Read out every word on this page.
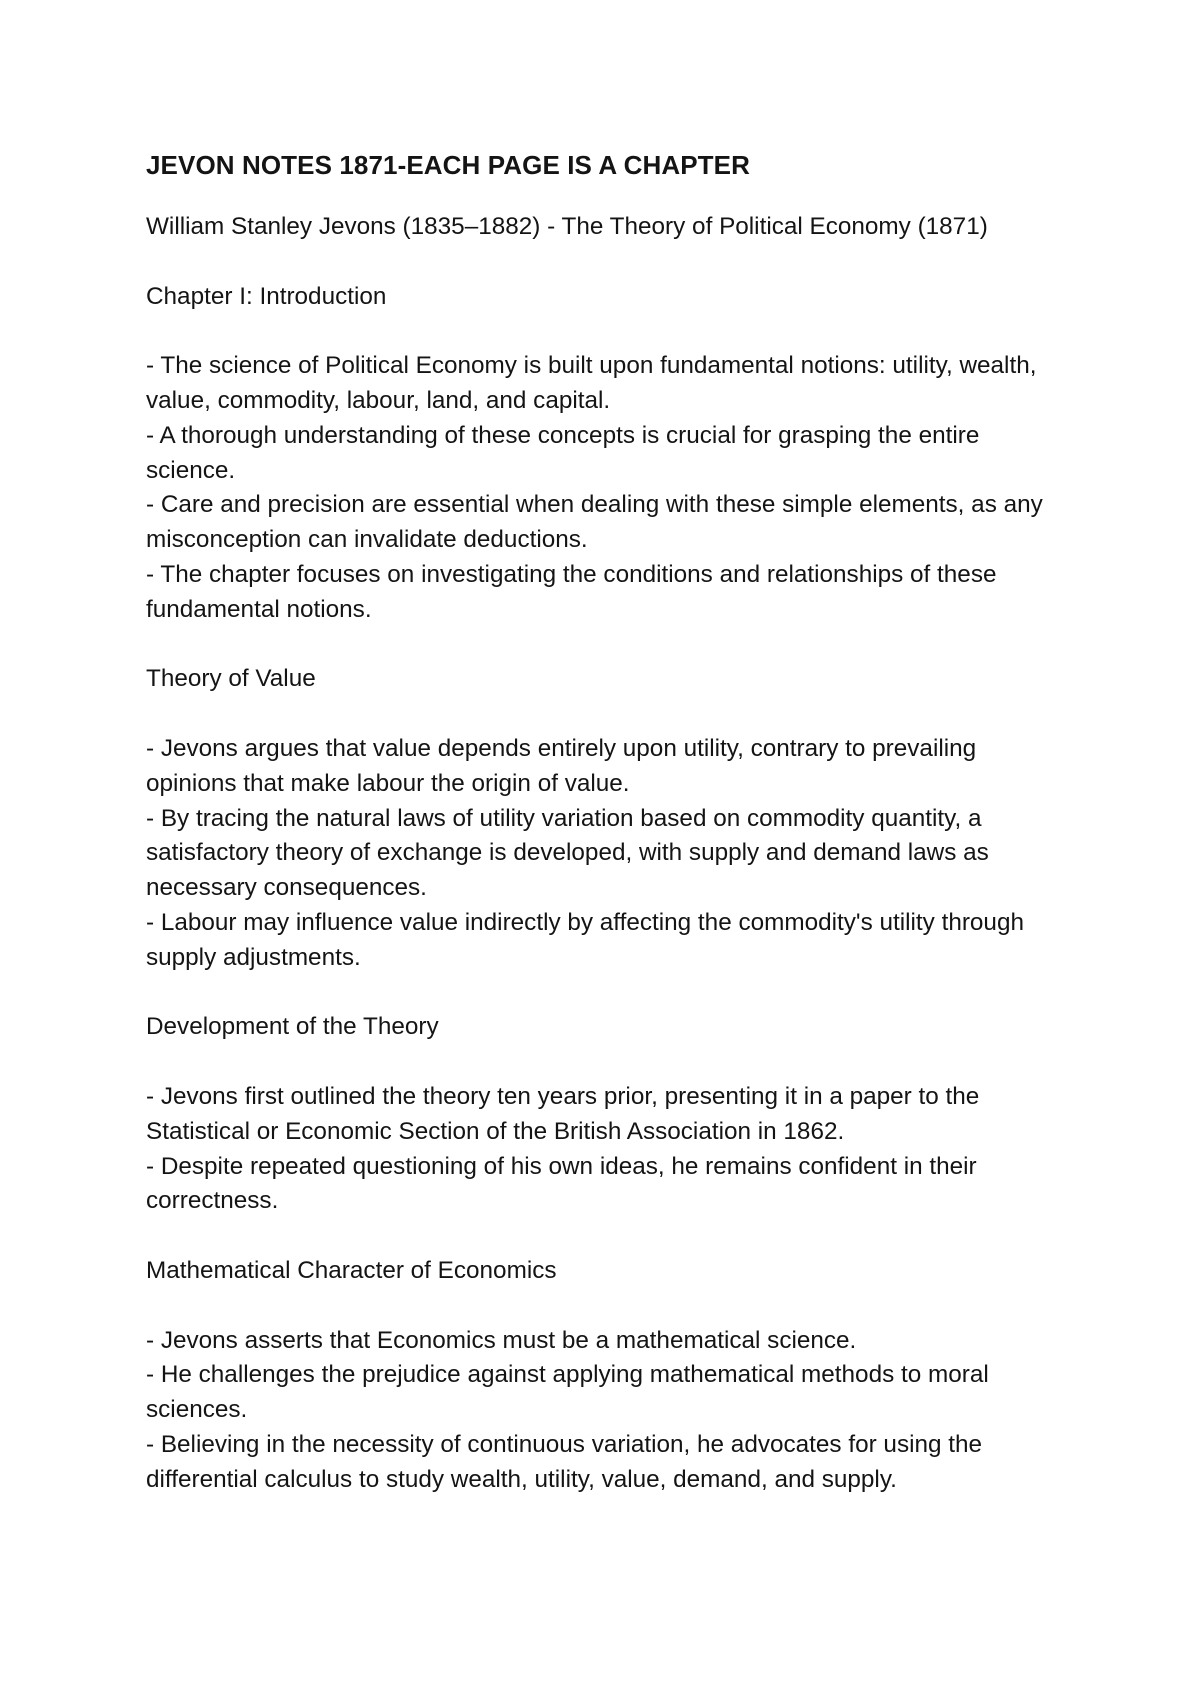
JEVON NOTES 1871-EACH PAGE IS A CHAPTER
William Stanley Jevons (1835–1882) - The Theory of Political Economy (1871)
Chapter I: Introduction
- The science of Political Economy is built upon fundamental notions: utility, wealth, value, commodity, labour, land, and capital.
- A thorough understanding of these concepts is crucial for grasping the entire science.
- Care and precision are essential when dealing with these simple elements, as any misconception can invalidate deductions.
- The chapter focuses on investigating the conditions and relationships of these fundamental notions.
Theory of Value
- Jevons argues that value depends entirely upon utility, contrary to prevailing opinions that make labour the origin of value.
- By tracing the natural laws of utility variation based on commodity quantity, a satisfactory theory of exchange is developed, with supply and demand laws as necessary consequences.
- Labour may influence value indirectly by affecting the commodity's utility through supply adjustments.
Development of the Theory
- Jevons first outlined the theory ten years prior, presenting it in a paper to the Statistical or Economic Section of the British Association in 1862.
- Despite repeated questioning of his own ideas, he remains confident in their correctness.
Mathematical Character of Economics
- Jevons asserts that Economics must be a mathematical science.
- He challenges the prejudice against applying mathematical methods to moral sciences.
- Believing in the necessity of continuous variation, he advocates for using the differential calculus to study wealth, utility, value, demand, and supply.
